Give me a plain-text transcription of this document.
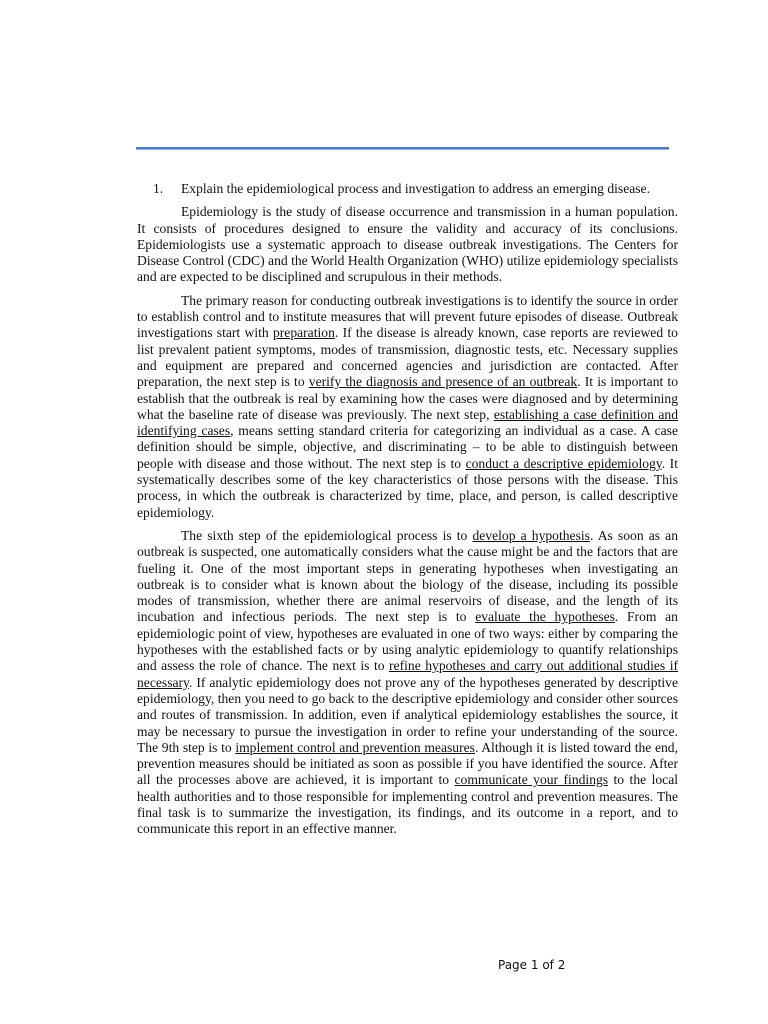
1.	Explain the epidemiological process and investigation to address an emerging disease.

Epidemiology is the study of disease occurrence and transmission in a human population. It consists of procedures designed to ensure the validity and accuracy of its conclusions. Epidemiologists use a systematic approach to disease outbreak investigations. The Centers for Disease Control (CDC) and the World Health Organization (WHO) utilize epidemiology specialists and are expected to be disciplined and scrupulous in their methods.

The primary reason for conducting outbreak investigations is to identify the source in order to establish control and to institute measures that will prevent future episodes of disease. Outbreak investigations start with preparation. If the disease is already known, case reports are reviewed to list prevalent patient symptoms, modes of transmission, diagnostic tests, etc. Necessary supplies and equipment are prepared and concerned agencies and jurisdiction are contacted. After preparation, the next step is to verify the diagnosis and presence of an outbreak. It is important to establish that the outbreak is real by examining how the cases were diagnosed and by determining what the baseline rate of disease was previously. The next step, establishing a case definition and identifying cases, means setting standard criteria for categorizing an individual as a case. A case definition should be simple, objective, and discriminating – to be able to distinguish between people with disease and those without. The next step is to conduct a descriptive epidemiology. It systematically describes some of the key characteristics of those persons with the disease. This process, in which the outbreak is characterized by time, place, and person, is called descriptive epidemiology.

The sixth step of the epidemiological process is to develop a hypothesis. As soon as an outbreak is suspected, one automatically considers what the cause might be and the factors that are fueling it. One of the most important steps in generating hypotheses when investigating an outbreak is to consider what is known about the biology of the disease, including its possible modes of transmission, whether there are animal reservoirs of disease, and the length of its incubation and infectious periods. The next step is to evaluate the hypotheses. From an epidemiologic point of view, hypotheses are evaluated in one of two ways: either by comparing the hypotheses with the established facts or by using analytic epidemiology to quantify relationships and assess the role of chance. The next is to refine hypotheses and carry out additional studies if necessary. If analytic epidemiology does not prove any of the hypotheses generated by descriptive epidemiology, then you need to go back to the descriptive epidemiology and consider other sources and routes of transmission. In addition, even if analytical epidemiology establishes the source, it may be necessary to pursue the investigation in order to refine your understanding of the source. The 9th step is to implement control and prevention measures. Although it is listed toward the end, prevention measures should be initiated as soon as possible if you have identified the source. After all the processes above are achieved, it is important to communicate your findings to the local health authorities and to those responsible for implementing control and prevention measures. The final task is to summarize the investigation, its findings, and its outcome in a report, and to communicate this report in an effective manner.

Page 1 of 2
